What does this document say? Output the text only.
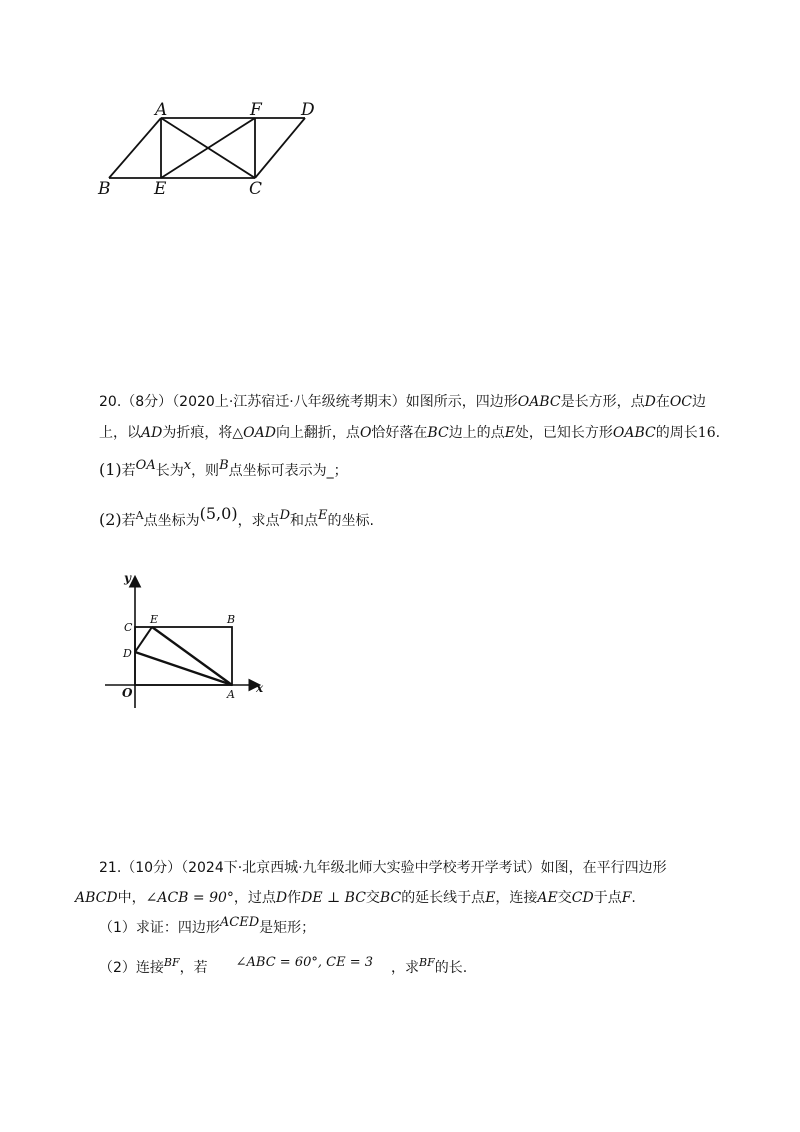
A	F D
B	E	C
20.（8分）（2020上·江苏宿迁·八年级统考期末）如图所示，四边形OABC是长方形，点D在OC边
上，以AD为折痕，将△OAD向上翻折，点O恰好落在BC边上的点E处，已知长方形OABC的周长16.
(1)若OA长为x，则B点坐标可表示为_；
(2)若$^A$点坐标为(5,0)，求点D和点E的坐标.
y
x
C
E	B
D
O	A
21.（10分）（2024下·北京西城·九年级北师大实验中学校考开学考试）如图，在平行四边形
ABCD中，∠ACB = 90°，过点D作DE ⊥ BC交BC的延长线于点E，连接AE交CD于点F.
（1）求证：四边形ACED是矩形；
（2）连接$^{BF}$，若 ∠ABC = 60°, CE = 3 ，求$^{BF}$的长.
